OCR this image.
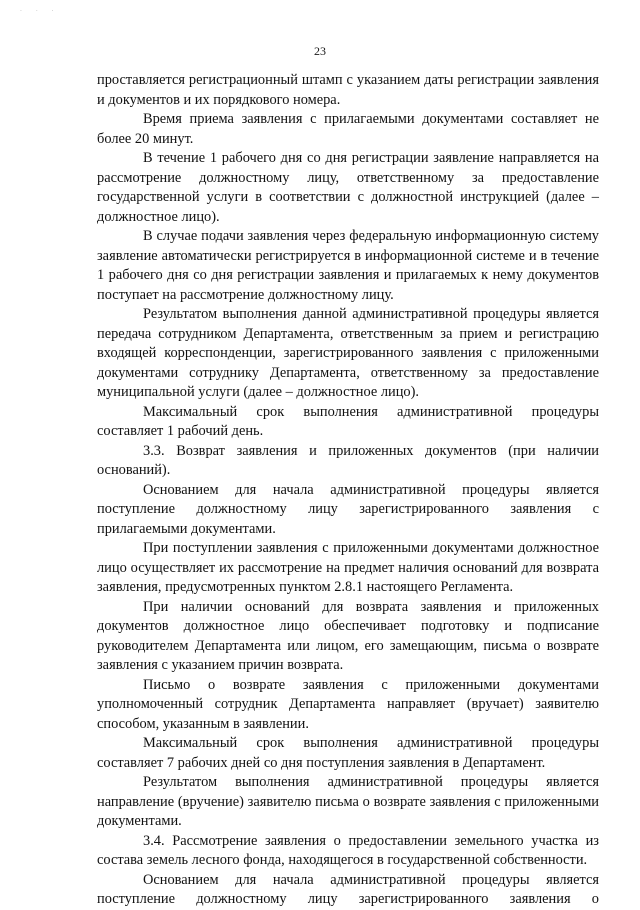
. . .
23

проставляется регистрационный штамп с указанием даты регистрации заявления и документов и их порядкового номера.

Время приема заявления с прилагаемыми документами составляет не более 20 минут.

В течение 1 рабочего дня со дня регистрации заявление направляется на рассмотрение должностному лицу, ответственному за предоставление государственной услуги в соответствии с должностной инструкцией (далее – должностное лицо).

В случае подачи заявления через федеральную информационную систему заявление автоматически регистрируется в информационной системе и в течение 1 рабочего дня со дня регистрации заявления и прилагаемых к нему документов поступает на рассмотрение должностному лицу.

Результатом выполнения данной административной процедуры является передача сотрудником Департамента, ответственным за прием и регистрацию входящей корреспонденции, зарегистрированного заявления с приложенными документами сотруднику Департамента, ответственному за предоставление муниципальной услуги (далее – должностное лицо).

Максимальный срок выполнения административной процедуры составляет 1 рабочий день.

3.3. Возврат заявления и приложенных документов (при наличии оснований).

Основанием для начала административной процедуры является поступление должностному лицу зарегистрированного заявления с прилагаемыми документами.

При поступлении заявления с приложенными документами должностное лицо осуществляет их рассмотрение на предмет наличия оснований для возврата заявления, предусмотренных пунктом 2.8.1 настоящего Регламента.

При наличии оснований для возврата заявления и приложенных документов должностное лицо обеспечивает подготовку и подписание руководителем Департамента или лицом, его замещающим, письма о возврате заявления с указанием причин возврата.

Письмо о возврате заявления с приложенными документами уполномоченный сотрудник Департамента направляет (вручает) заявителю способом, указанным в заявлении.

Максимальный срок выполнения административной процедуры составляет 7 рабочих дней со дня поступления заявления в Департамент.

Результатом выполнения административной процедуры является направление (вручение) заявителю письма о возврате заявления с приложенными документами.

3.4. Рассмотрение заявления о предоставлении земельного участка из состава земель лесного фонда, находящегося в государственной собственности.

Основанием для начала административной процедуры является

поступление должностному лицу зарегистрированного заявления о
